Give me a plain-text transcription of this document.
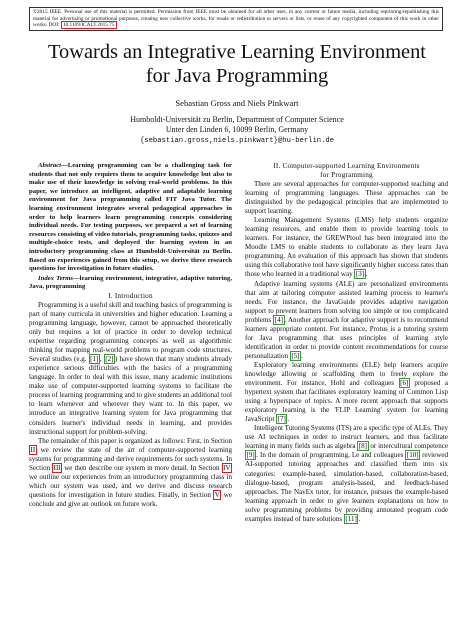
©2015 IEEE. Personal use of this material is permitted. Permission from IEEE must be obtained for all other uses, in any current or future media, including reprinting/republishing this material for advertising or promotional purposes, creating new collective works, for resale or redistribution to servers or lists, or reuse of any copyrighted component of this work in other works. DOI: 10.1109/ICALT.2015.75
Towards an Integrative Learning Environment
for Java Programming
Sebastian Gross and Niels Pinkwart
Humboldt-Universität zu Berlin, Department of Computer Science
Unter den Linden 6, 10099 Berlin, Germany
{sebastian.gross,niels.pinkwart}@hu-berlin.de

Abstract—Learning programming can be a challenging task for students that not only requires them to acquire knowledge but also to make use of their knowledge in solving real-world problems. In this paper, we introduce an intelligent, adaptive and adaptable learning environment for Java programming called FIT Java Tutor. The learning environment integrates several pedagogical approaches in order to help learners learn programming concepts considering individual needs. For testing purposes, we prepared a set of learning resources consisting of video tutorials, programming tasks, quizzes and multiple-choice tests, and deployed the learning system in an introductory programming class at Humboldt-Universität zu Berlin. Based on experiences gained from this setup, we derive three research questions for investigation in future studies.

Index Terms—learning environment, integrative, adaptive tutoring, Java, programming

I. Introduction

Programming is a useful skill and teaching basics of programming is part of many curricula in universities and higher education. Learning a programming language, however, cannot be approached theoretically only but requires a lot of practice in order to develop technical expertise regarding programming concepts as well as algorithmic thinking for mapping real-world problems to program code structures. Several studies (e.g. [1] , [2] ) have shown that many students already experience serious difficulties with the basics of a programming language. In order to deal with this issue, many academic institutions make use of computer-supported learning systems to facilitate the process of learning programming and to give students an additional tool to learn whenever and wherever they want to. In this paper, we introduce an integrative learning system for Java programming that considers learner's individual needs in learning, and provides instructional support for problem-solving.

The remainder of this paper is organized as follows: First, in Section II we review the state of the art of computer-supported learning systems for programming and derive requirements for such systems. In Section III we then describe our system in more detail. In Section IV we outline our experiences from an introductory programming class in which our system was used, and we derive and discuss research questions for investigation in future studies. Finally, in Section V we conclude and give an outlook on future work.

II. Computer-supported Learning Environments
for Programming

There are several approaches for computer-supported teaching and learning of programming languages. These approaches can be distinguished by the pedagogical principles that are implemented to support learning.

Learning Management Systems (LMS) help students organize learning resources, and enable them to provide learning tools to learners. For instance, the GREWPtool has been integrated into the Moodle LMS to enable students to collaborate as they learn Java programming. An evaluation of this approach has shown that students using this collaborative tool have significantly higher success rates than those who learned in a traditional way [3] .

Adaptive learning systems (ALE) are personalized environments that aim at tailoring computer assisted learning process to learner's needs. For instance, the JavaGuide provides adaptive navigation support to prevent learners from solving too simple or too complicated problems [4] . Another approach for adaptive support is to recommend learners appropriate content. For instance, Protus is a tutoring system for Java programming that uses principles of learning style identification in order to provide content recommendations for course personalization [5] .

Exploratory learning environments (ELE) help learners acquire knowledge allowing or scaffolding them to freely explore the environment. For instance, Hohl and colleagues [6] proposed a hypertext system that facilitates exploratory learning of Common Lisp using a hyperspace of topics. A more recent approach that supports exploratory learning is the 'FLIP Learning' system for learning JavaScript [7] .

Intelligent Tutoring Systems (ITS) are a specific type of ALEs. They use AI techniques in order to instruct learners, and thus facilitate learning in many fields such as algebra [8] or intercultural competence [9] . In the domain of programming, Le and colleagues [10] reviewed AI-supported tutoring approaches and classified them into six categories: example-based, simulation-based, collaboration-based, dialogue-based, program analysis-based, and feedback-based approaches. The NavEx tutor, for instance, pursues the example-based learning approach in order to give learners explanations on how to solve programming problems by providing annotated program code examples instead of bare solutions [11] .
